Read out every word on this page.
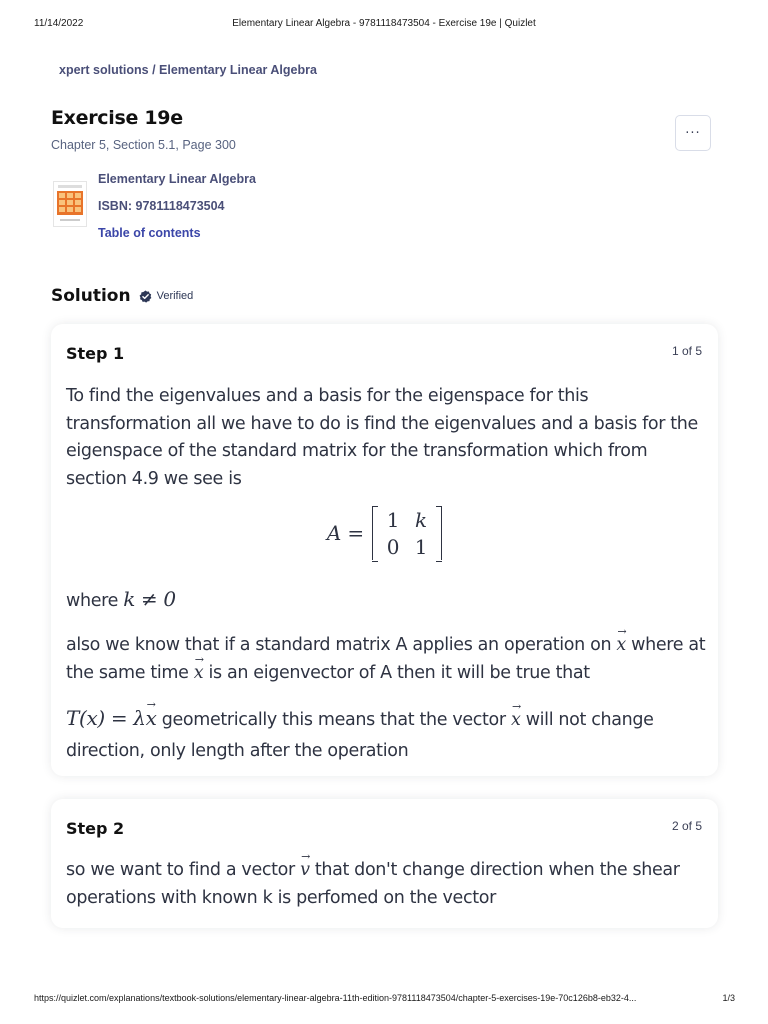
11/14/2022	Elementary Linear Algebra - 9781118473504 - Exercise 19e | Quizlet
xpert solutions / Elementary Linear Algebra
Exercise 19e
Chapter 5, Section 5.1, Page 300
···
Elementary Linear Algebra
ISBN: 9781118473504
Table of contents
Solution Verified
Step 1	1 of 5
To find the eigenvalues and a basis for the eigenspace for this transformation all we have to do is find the eigenvalues and a basis for the eigenspace of the standard matrix for the transformation which from section 4.9 we see is
A =
1 k
0 1
where k ≠ 0
also we know that if a standard matrix A applies an operation on → x where at the same time → x is an eigenvector of A then it will be true that
T(x) = λ→ x geometrically this means that the vector → x will not change direction, only length after the operation
Step 2	2 of 5
so we want to find a vector → v that don't change direction when the shear operations with known k is perfomed on the vector
https://quizlet.com/explanations/textbook-solutions/elementary-linear-algebra-11th-edition-9781118473504/chapter-5-exercises-19e-70c126b8-eb32-4...	1/3
